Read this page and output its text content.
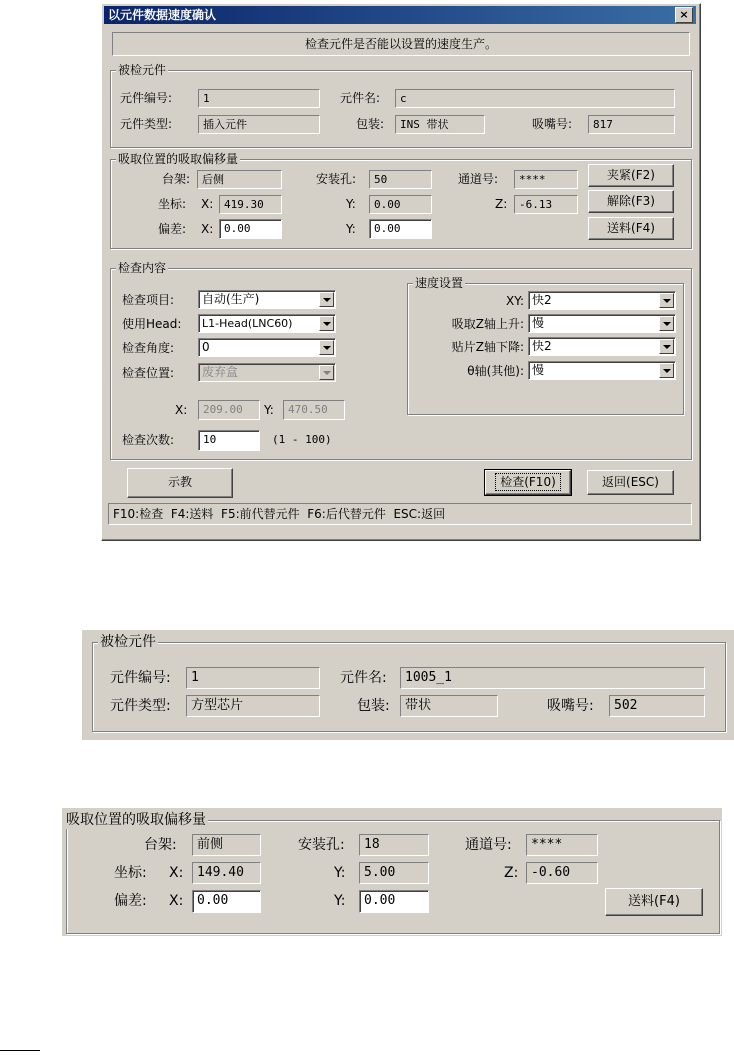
以元件数据速度确认	×
检查元件是否能以设置的速度生产。
被检元件
元件编号:	1	元件名:	c
元件类型:	插入元件	包装:	INS 带状	吸嘴号:	817
吸取位置的吸取偏移量
台架:	后侧	安装孔:	50	通道号:	****
坐标: X: 419.30	Y:	0.00	Z:	-6.13
偏差: X: 0.00	Y:	0.00
夹紧(F2)
解除(F3)
送料(F4)
检查内容
检查项目:	自动(生产)
使用Head:	L1-Head(LNC60)
检查角度:	0
检查位置:	废弃盒
X:	209.00	Y:	470.50
检查次数:	10	(1 - 100)
速度设置
XY: 快2
吸取Z轴上升: 慢
贴片Z轴下降: 快2
θ轴(其他): 慢
示教	检查(F10)	返回(ESC)
F10:检查  F4:送料  F5:前代替元件  F6:后代替元件  ESC:返回
被检元件
元件编号:	1	元件名:	1005_1
元件类型:	方型芯片	包装:	带状	吸嘴号:	502
吸取位置的吸取偏移量
台架:	前侧	安装孔:	18	通道号:	****
坐标: X:	149.40	Y:	5.00	Z: -0.60
偏差: X:	0.00	Y:	0.00	送料(F4)
